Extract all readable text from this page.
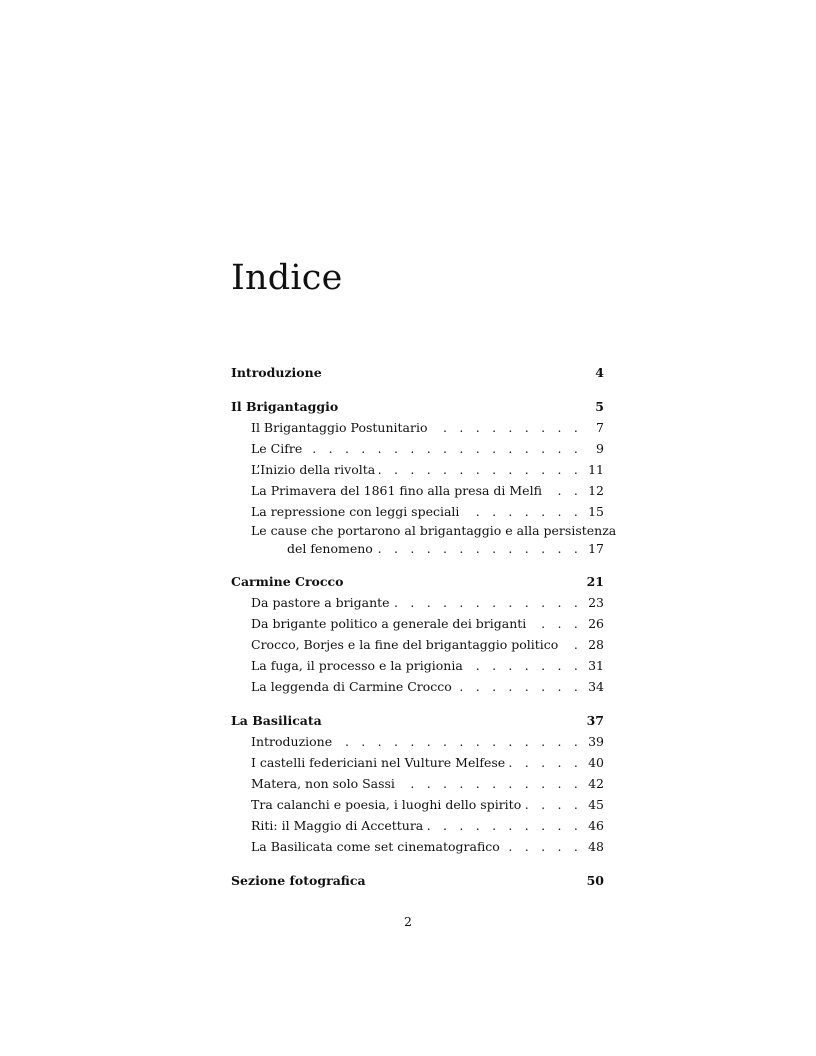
Indice
Introduzione	4
Il Brigantaggio	5
Il Brigantaggio Postunitario . . .	7
Le Cifre . . .	9
L’Inizio della rivolta . . .	11
La Primavera del 1861 fino alla presa di Melfi . . .	12
La repressione con leggi speciali . . .	15
Le cause che portarono al brigantaggio e alla persistenza
del fenomeno . . .	17
Carmine Crocco	21
Da pastore a brigante . . .	23
Da brigante politico a generale dei briganti . . .	26
Crocco, Borjes e la fine del brigantaggio politico . . .	28
La fuga, il processo e la prigionia . . .	31
La leggenda di Carmine Crocco . . .	34
La Basilicata	37
Introduzione . . .	39
I castelli federiciani nel Vulture Melfese . . .	40
Matera, non solo Sassi . . .	42
Tra calanchi e poesia, i luoghi dello spirito . . .	45
Riti: il Maggio di Accettura . . .	46
La Basilicata come set cinematografico . . .	48
Sezione fotografica	50
2
